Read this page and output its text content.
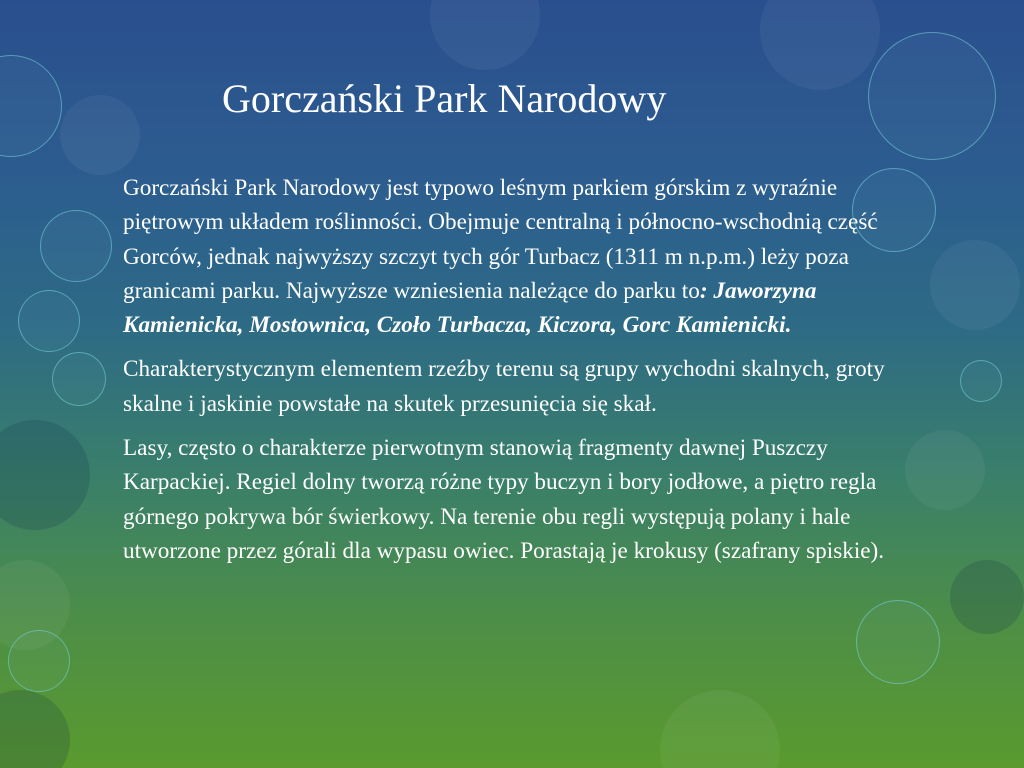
Gorczański Park Narodowy

Gorczański Park Narodowy jest typowo leśnym parkiem górskim z wyraźnie piętrowym układem roślinności. Obejmuje centralną i północno-wschodnią część Gorców, jednak najwyższy szczyt tych gór Turbacz (1311 m n.p.m.) leży poza granicami parku. Najwyższe wzniesienia należące do parku to: Jaworzyna Kamienicka, Mostownica, Czoło Turbacza, Kiczora, Gorc Kamienicki.

Charakterystycznym elementem rzeźby terenu są grupy wychodni skalnych, groty skalne i jaskinie powstałe na skutek przesunięcia się skał.

Lasy, często o charakterze pierwotnym stanowią fragmenty dawnej Puszczy Karpackiej. Regiel dolny tworzą różne typy buczyn i bory jodłowe, a piętro regla górnego pokrywa bór świerkowy. Na terenie obu regli występują polany i hale utworzone przez górali dla wypasu owiec. Porastają je krokusy (szafrany spiskie).
